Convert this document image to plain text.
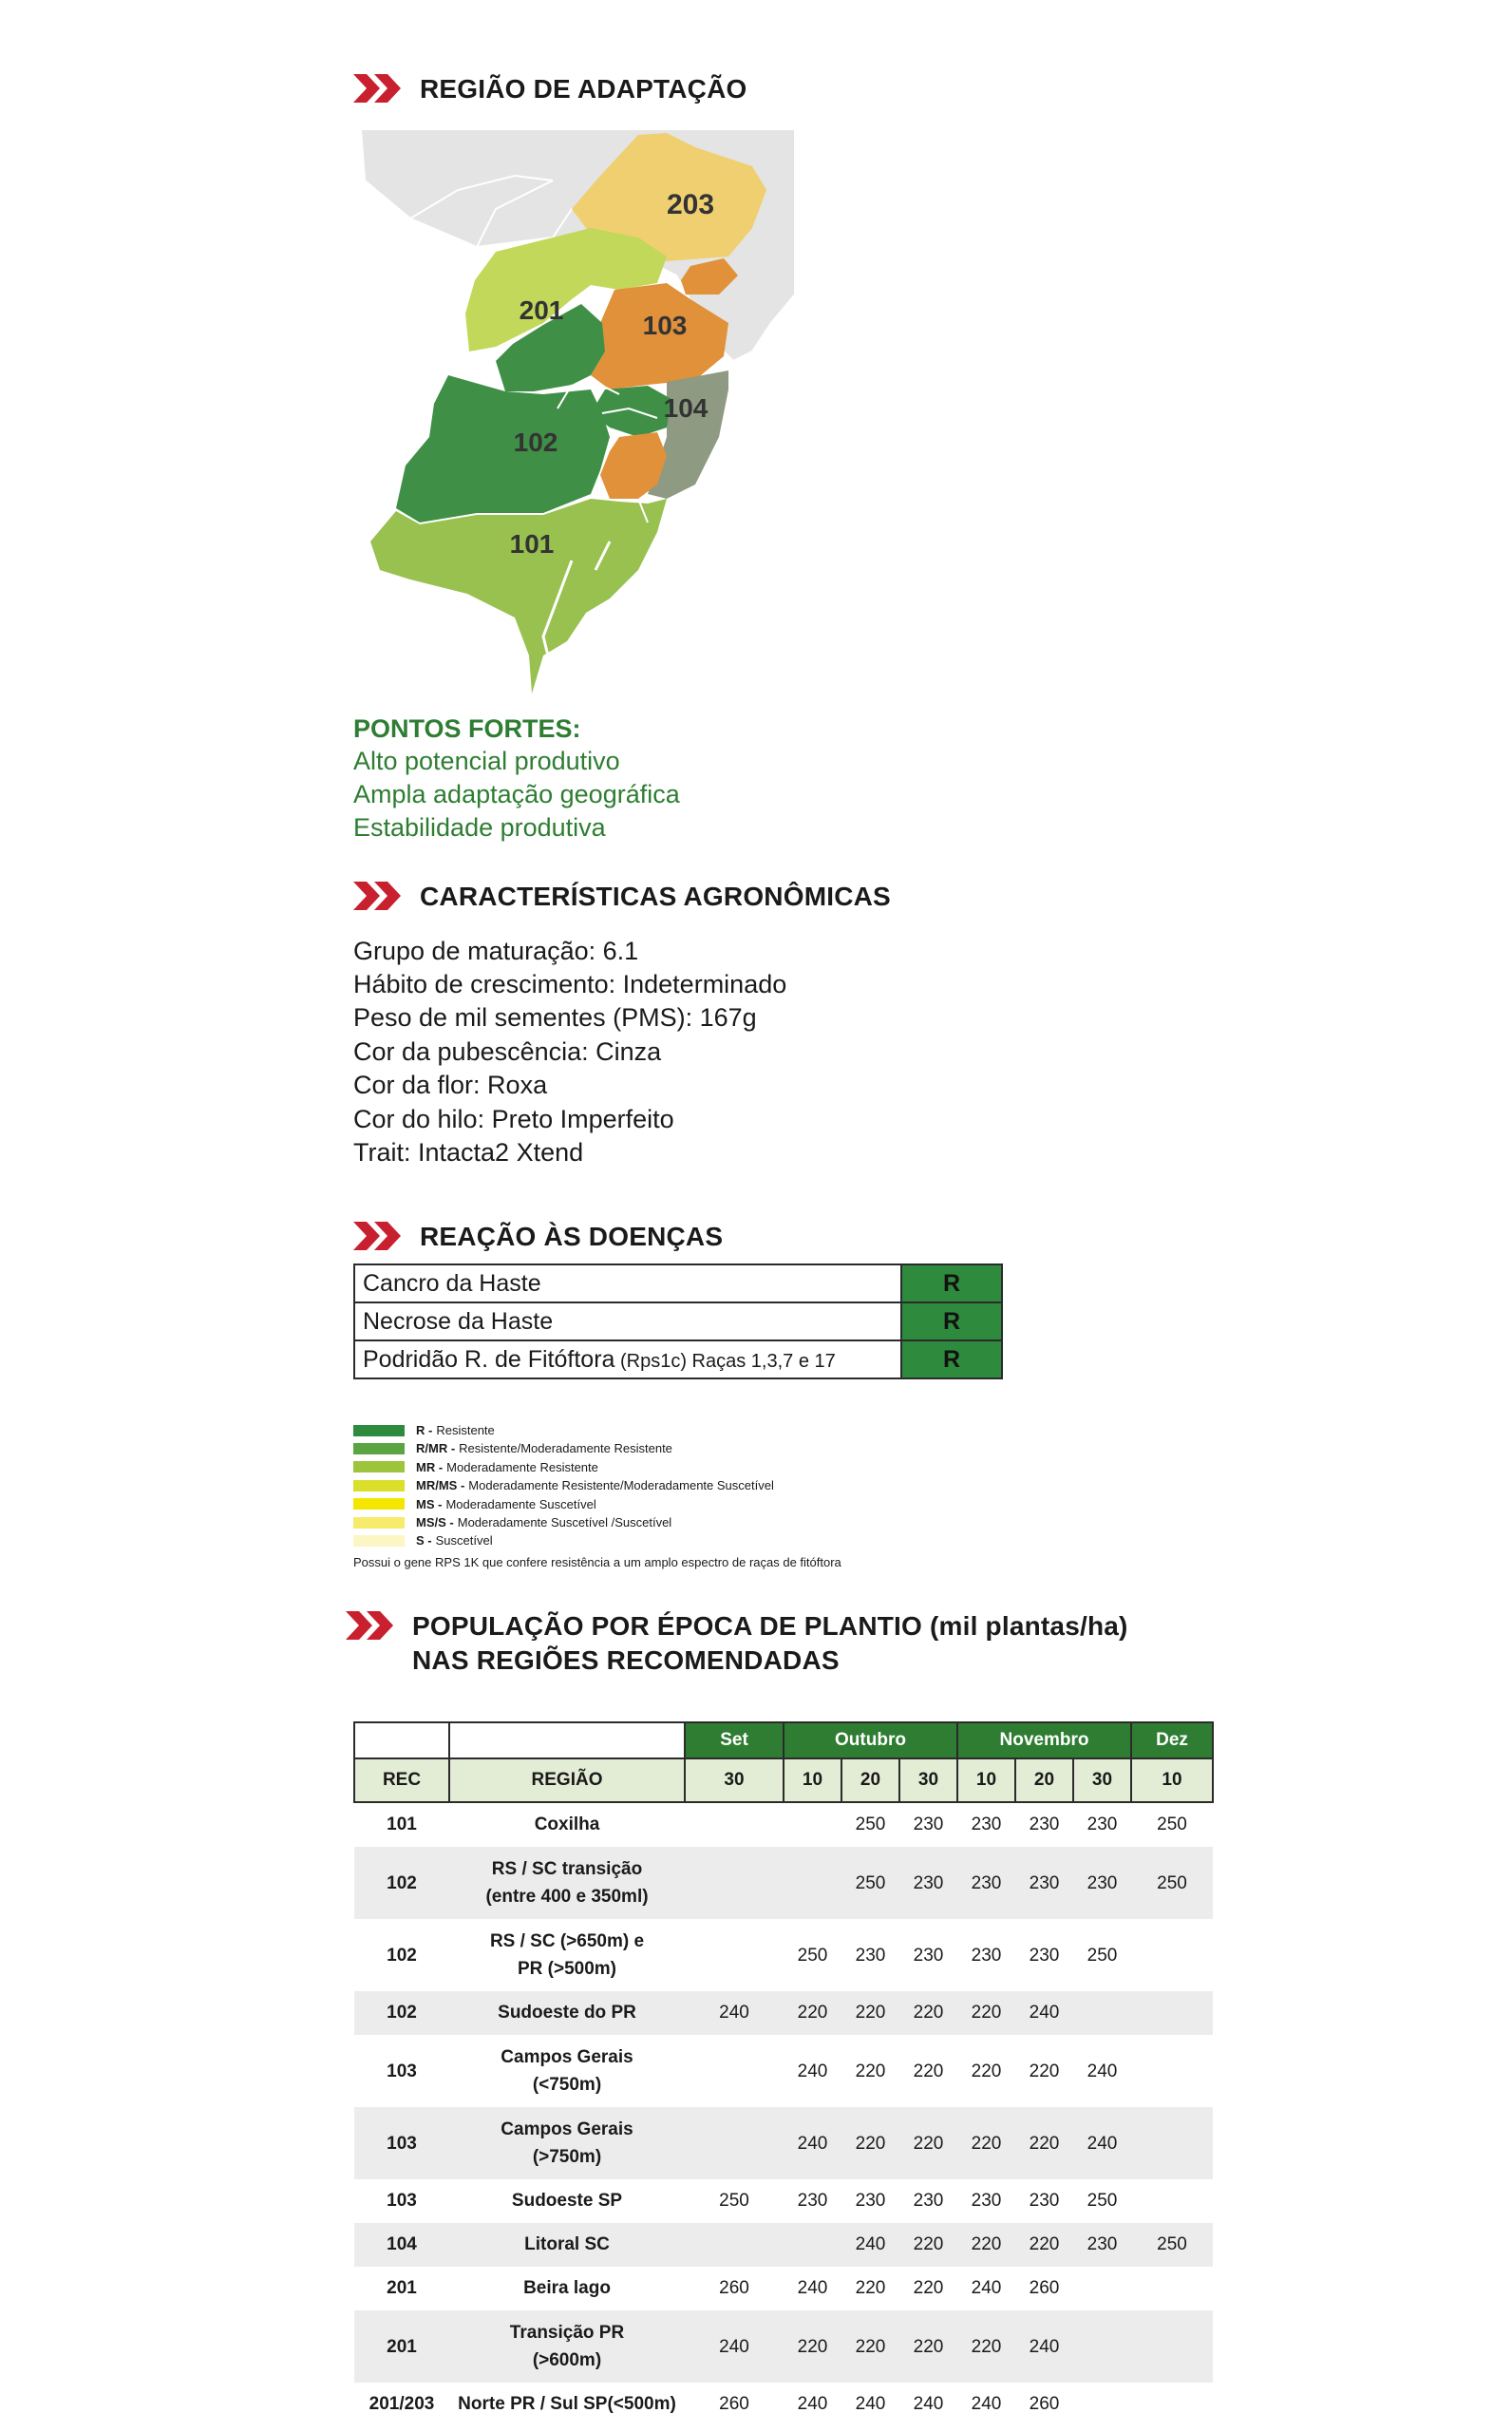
REGIÃO DE ADAPTAÇÃO
203
201
103
104
102
101
PONTOS FORTES:
Alto potencial produtivo
Ampla adaptação geográfica
Estabilidade produtiva
CARACTERÍSTICAS AGRONÔMICAS
Grupo de maturação: 6.1
Hábito de crescimento: Indeterminado
Peso de mil sementes (PMS): 167g
Cor da pubescência: Cinza
Cor da flor: Roxa
Cor do hilo: Preto Imperfeito
Trait: Intacta2 Xtend
REAÇÃO ÀS DOENÇAS
Cancro da Haste	R
Necrose da Haste	R
Podridão R. de Fitóftora (Rps1c) Raças 1,3,7 e 17	R
R - Resistente
R/MR - Resistente/Moderadamente Resistente
MR - Moderadamente Resistente
MR/MS - Moderadamente Resistente/Moderadamente Suscetível
MS - Moderadamente Suscetível
MS/S - Moderadamente Suscetível /Suscetível
S - Suscetível
Possui o gene RPS 1K que confere resistência a um amplo espectro de raças de fitóftora
POPULAÇÃO POR ÉPOCA DE PLANTIO (mil plantas/ha)
NAS REGIÕES RECOMENDADAS
		Set	Outubro			Novembro			Dez
REC	REGIÃO	30	10	20	30	10	20	30	10
101	Coxilha			250	230	230	230	230	250
102	RS / SC transição
(entre 400 e 350ml)			250	230	230	230	230	250
102	RS / SC (>650m) e
PR (>500m)		250	230	230	230	230	250	
102	Sudoeste do PR	240	220	220	220	220	240		
103	Campos Gerais
(<750m)		240	220	220	220	220	240	
103	Campos Gerais
(>750m)		240	220	220	220	220	240	
103	Sudoeste SP	250	230	230	230	230	230	250	
104	Litoral SC			240	220	220	220	230	250
201	Beira lago	260	240	220	220	240	260		
201	Transição PR
(>600m)	240	220	220	220	220	240		
201/203	Norte PR / Sul SP(<500m)	260	240	240	240	240	260		
